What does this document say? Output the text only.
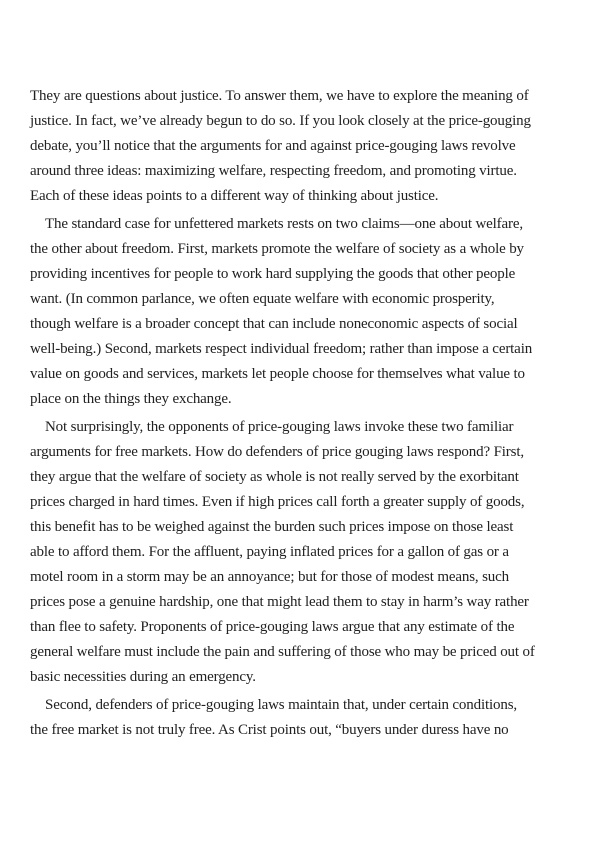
They are questions about justice. To answer them, we have to explore the meaning of
justice. In fact, we’ve already begun to do so. If you look closely at the price-gouging
debate, you’ll notice that the arguments for and against price-gouging laws revolve
around three ideas: maximizing welfare, respecting freedom, and promoting virtue.
Each of these ideas points to a different way of thinking about justice.
The standard case for unfettered markets rests on two claims—one about welfare,
the other about freedom. First, markets promote the welfare of society as a whole by
providing incentives for people to work hard supplying the goods that other people
want. (In common parlance, we often equate welfare with economic prosperity,
though welfare is a broader concept that can include noneconomic aspects of social
well-being.) Second, markets respect individual freedom; rather than impose a certain
value on goods and services, markets let people choose for themselves what value to
place on the things they exchange.
Not surprisingly, the opponents of price-gouging laws invoke these two familiar
arguments for free markets. How do defenders of price gouging laws respond? First,
they argue that the welfare of society as whole is not really served by the exorbitant
prices charged in hard times. Even if high prices call forth a greater supply of goods,
this benefit has to be weighed against the burden such prices impose on those least
able to afford them. For the affluent, paying inflated prices for a gallon of gas or a
motel room in a storm may be an annoyance; but for those of modest means, such
prices pose a genuine hardship, one that might lead them to stay in harm’s way rather
than flee to safety. Proponents of price-gouging laws argue that any estimate of the
general welfare must include the pain and suffering of those who may be priced out of
basic necessities during an emergency.
Second, defenders of price-gouging laws maintain that, under certain conditions,
the free market is not truly free. As Crist points out, “buyers under duress have no
